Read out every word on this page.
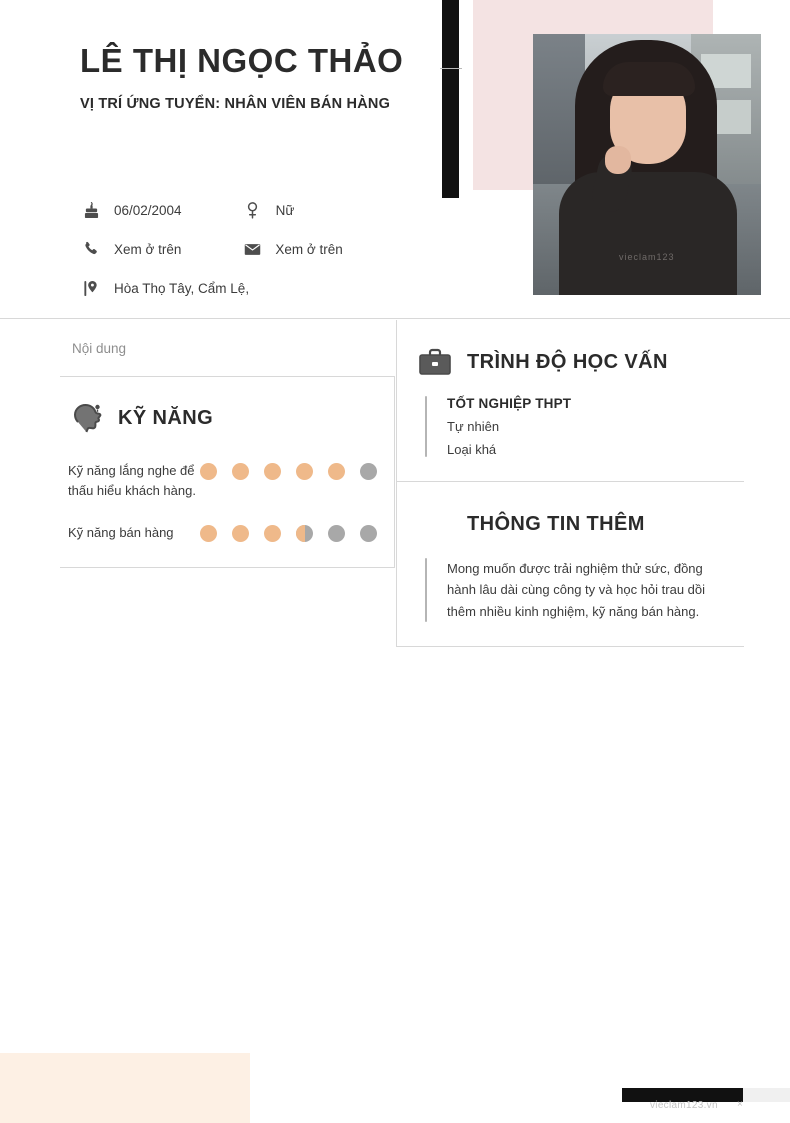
LÊ THỊ NGỌC THẢO
VỊ TRÍ ỨNG TUYỂN: NHÂN VIÊN BÁN HÀNG
vieclam123
06/02/2004	Nữ
Xem ở trên	Xem ở trên
Hòa Thọ Tây, Cẩm Lệ,
Nội dung
KỸ NĂNG
Kỹ năng lắng nghe để thấu hiểu khách hàng.
Kỹ năng bán hàng
TRÌNH ĐỘ HỌC VẤN
TỐT NGHIỆP THPT
Tự nhiên
Loại khá
THÔNG TIN THÊM
Mong muốn được trải nghiệm thử sức, đồng hành lâu dài cùng công ty và học hỏi trau dồi thêm nhiều kinh nghiệm, kỹ năng bán hàng.
vieclam123.vn ×
